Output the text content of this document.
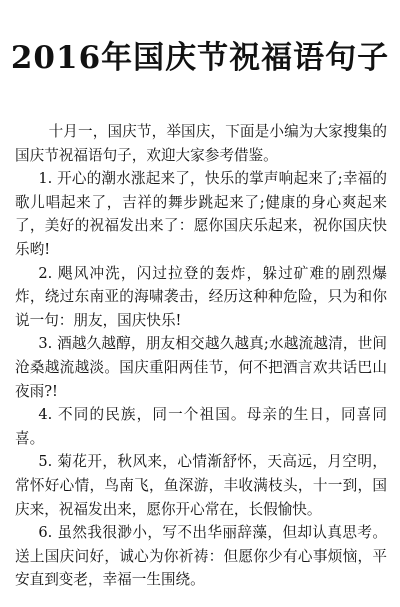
2016年国庆节祝福语句子

十月一，国庆节，举国庆，下面是小编为大家搜集的国庆节祝福语句子，欢迎大家参考借鉴。

1. 开心的潮水涨起来了，快乐的掌声响起来了;幸福的歌儿唱起来了，吉祥的舞步跳起来了;健康的身心爽起来了，美好的祝福发出来了：愿你国庆乐起来，祝你国庆快乐哟!

2. 飓风冲洗，闪过拉登的轰炸，躲过矿难的剧烈爆炸，绕过东南亚的海啸袭击，经历这种种危险，只为和你说一句：朋友，国庆快乐!

3. 酒越久越醇，朋友相交越久越真;水越流越清，世间沧桑越流越淡。国庆重阳两佳节，何不把酒言欢共话巴山夜雨?!

4. 不同的民族，同一个祖国。母亲的生日，同喜同喜。

5. 菊花开，秋风来，心情渐舒怀，天高远，月空明，常怀好心情，鸟南飞，鱼深游，丰收满枝头，十一到，国庆来，祝福发出来，愿你开心常在，长假愉快。

6. 虽然我很渺小，写不出华丽辞藻，但却认真思考。送上国庆问好，诚心为你祈祷：但愿你少有心事烦恼，平安直到变老，幸福一生围绕。
